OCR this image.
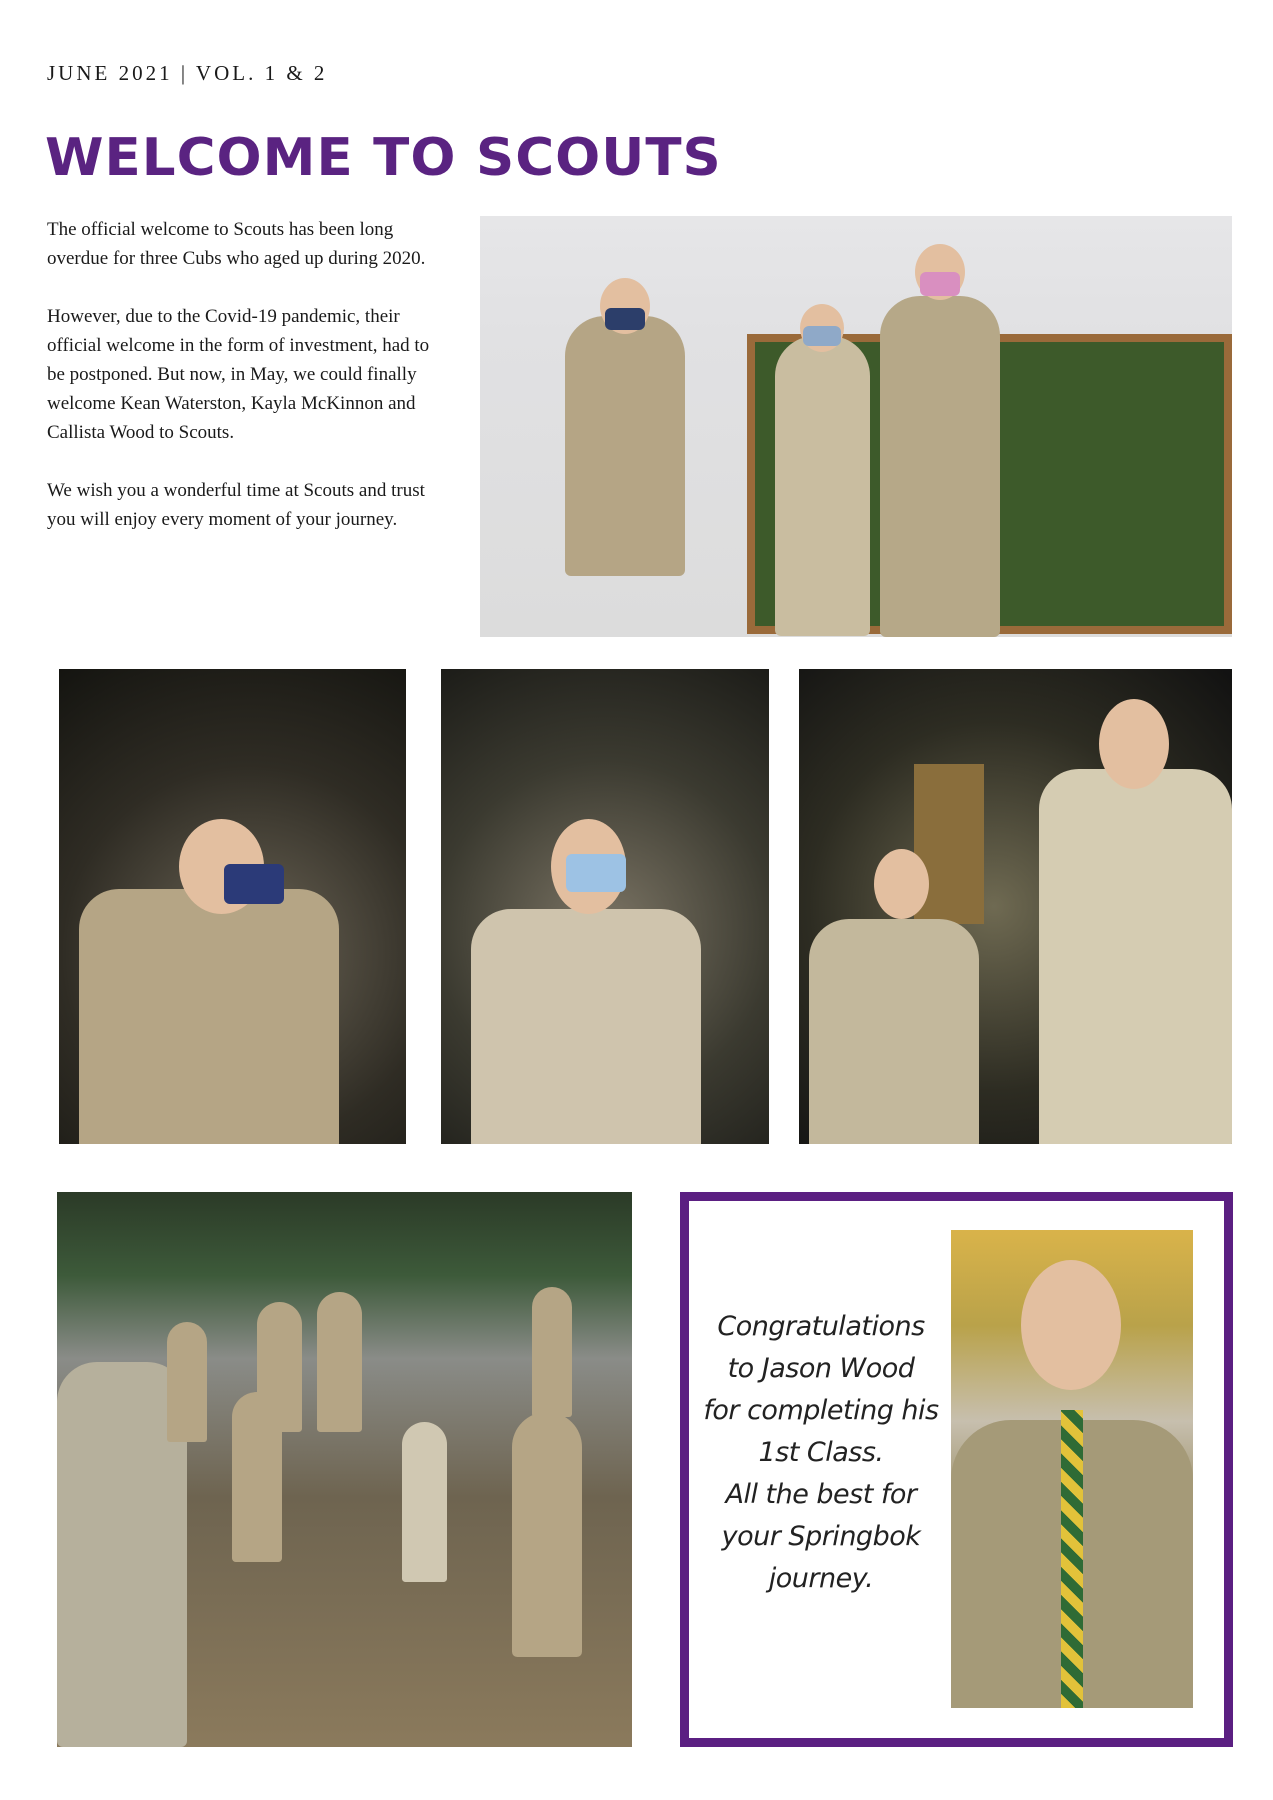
JUNE 2021 | VOL. 1 & 2
WELCOME TO SCOUTS

The official welcome to Scouts has been long overdue for three Cubs who aged up during 2020.

However, due to the Covid-19 pandemic, their official welcome in the form of investment, had to be postponed. But now, in May, we could finally welcome Kean Waterston, Kayla McKinnon and Callista Wood to Scouts.

We wish you a wonderful time at Scouts and trust you will enjoy every moment of your journey.

Congratulations
to Jason Wood
for completing his
1st Class.
All the best for
your Springbok
journey.
